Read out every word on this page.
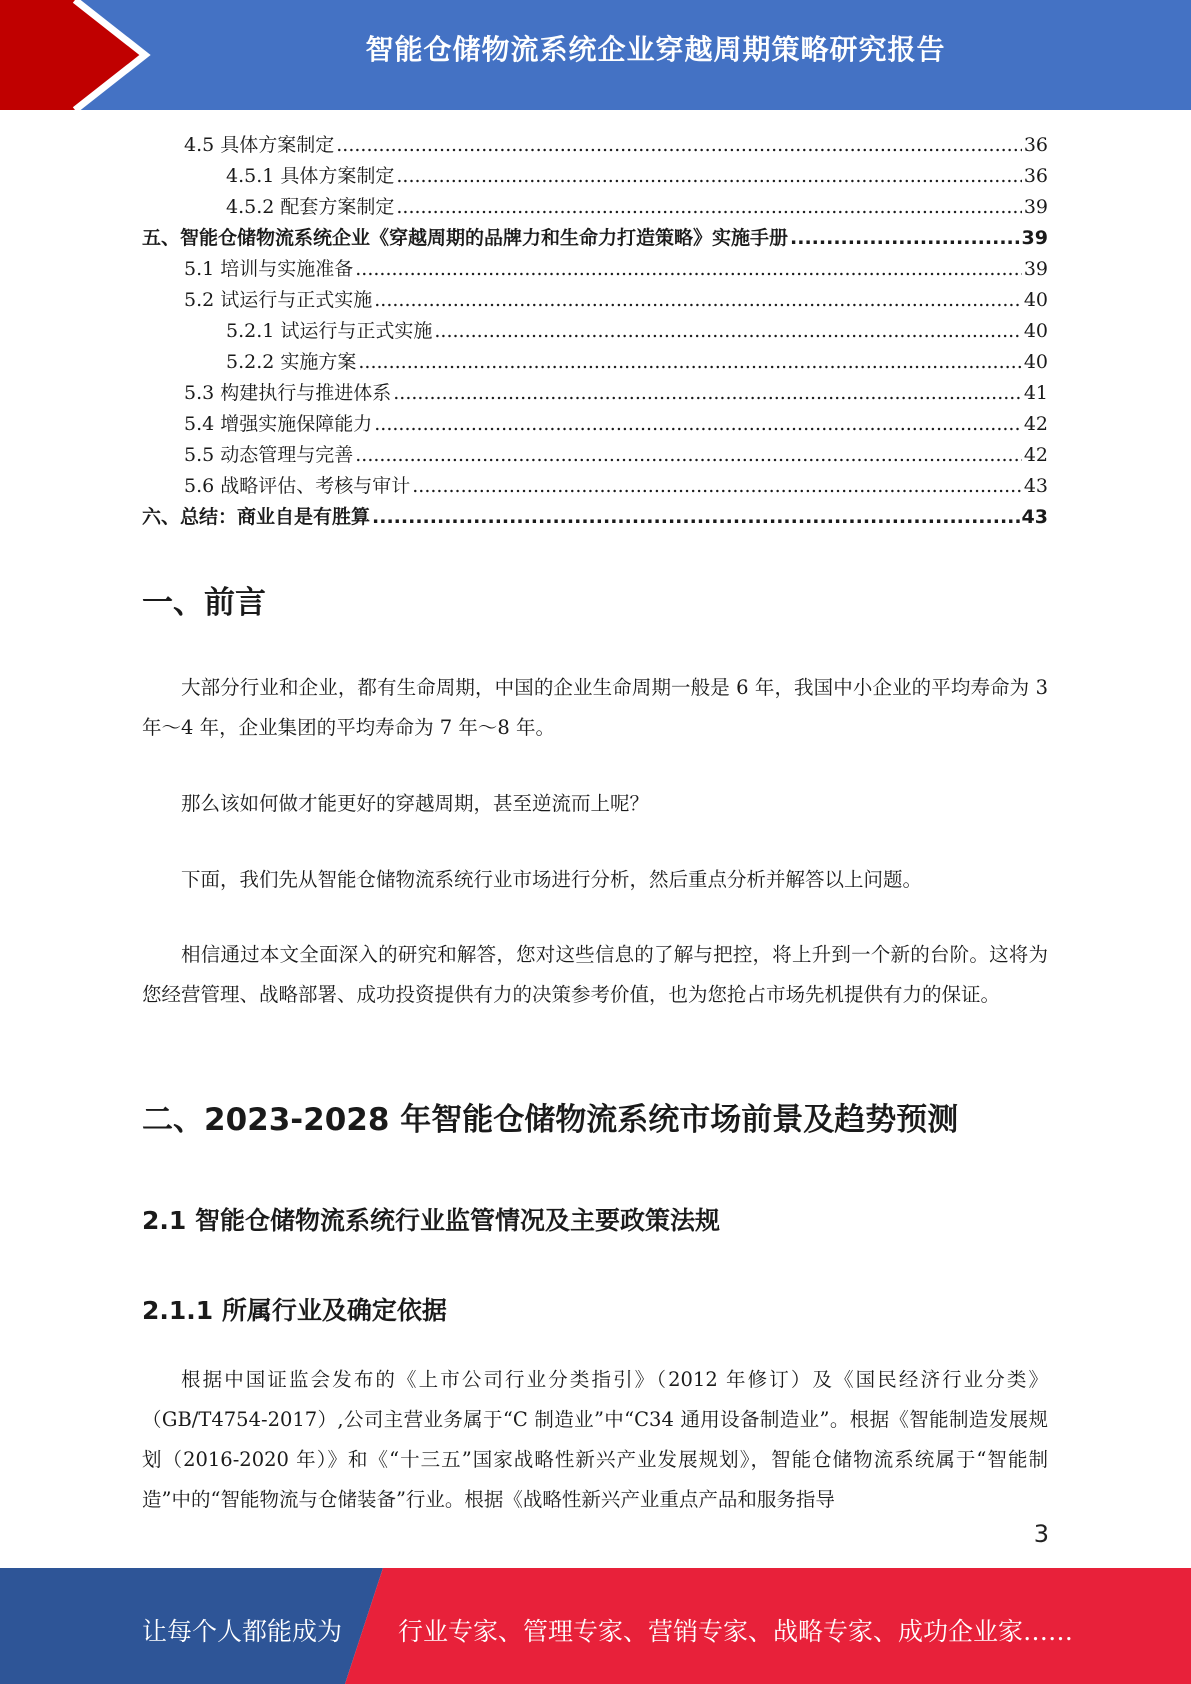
智能仓储物流系统企业穿越周期策略研究报告
4.5 具体方案制定 .....	36
4.5.1 具体方案制定 .....	36
4.5.2 配套方案制定 .....	39
五、智能仓储物流系统企业《穿越周期的品牌力和生命力打造策略》实施手册 .....	39
5.1 培训与实施准备 .....	39
5.2 试运行与正式实施 .....	40
5.2.1 试运行与正式实施 .....	40
5.2.2 实施方案 .....	40
5.3 构建执行与推进体系 .....	41
5.4 增强实施保障能力 .....	42
5.5 动态管理与完善 .....	42
5.6 战略评估、考核与审计 .....	43
六、总结：商业自是有胜算 .....	43
一、前言

大部分行业和企业，都有生命周期，中国的企业生命周期一般是 6 年，我国中小企业的平均寿命为 3 年～4 年，企业集团的平均寿命为 7 年～8 年。

那么该如何做才能更好的穿越周期，甚至逆流而上呢？

下面，我们先从智能仓储物流系统行业市场进行分析，然后重点分析并解答以上问题。

相信通过本文全面深入的研究和解答，您对这些信息的了解与把控，将上升到一个新的台阶。这将为您经营管理、战略部署、成功投资提供有力的决策参考价值，也为您抢占市场先机提供有力的保证。

二、2023-2028 年智能仓储物流系统市场前景及趋势预测
2.1 智能仓储物流系统行业监管情况及主要政策法规
2.1.1 所属行业及确定依据

根据中国证监会发布的《上市公司行业分类指引》（2012 年修订）及《国民经济行业分类》（GB/T4754-2017）,公司主营业务属于“C 制造业”中“C34 通用设备制造业”。根据《智能制造发展规划（2016-2020 年）》和《“十三五”国家战略性新兴产业发展规划》，智能仓储物流系统属于“智能制造”中的“智能物流与仓储装备”行业。根据《战略性新兴产业重点产品和服务指导

3
让每个人都能成为 行业专家、管理专家、营销专家、战略专家、成功企业家……
